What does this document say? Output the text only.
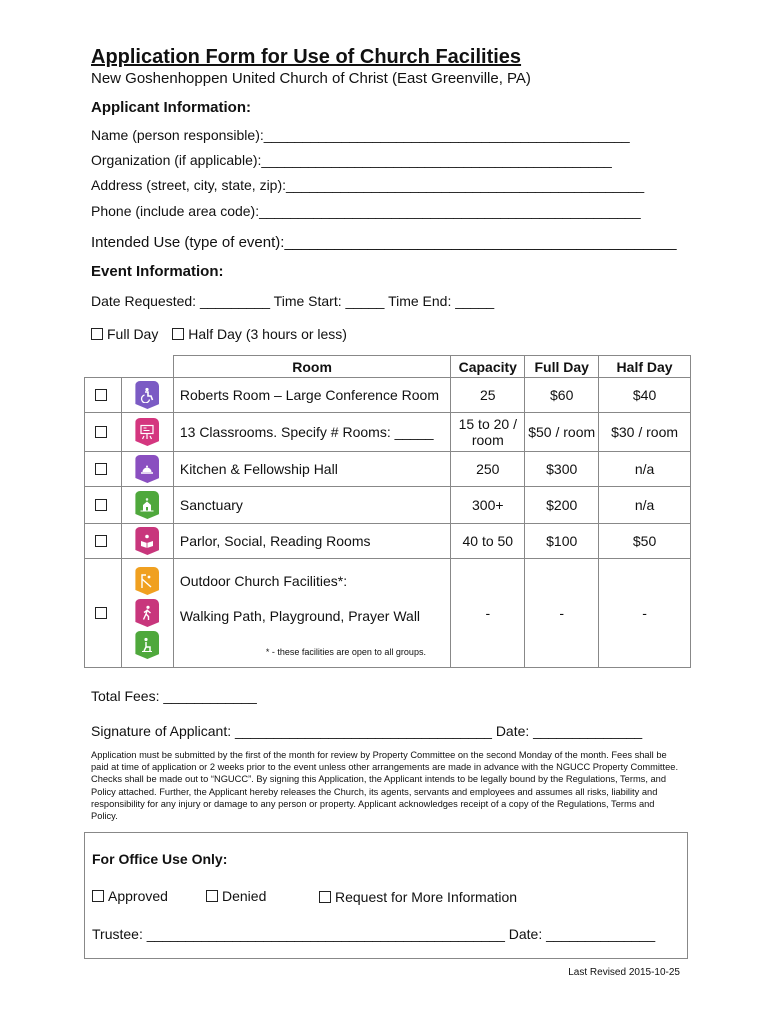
Application Form for Use of Church Facilities
New Goshenhoppen United Church of Christ (East Greenville, PA)
Applicant Information:
Name (person responsible):_______________________________________________
Organization (if applicable):_____________________________________________
Address (street, city, state, zip):______________________________________________
Phone (include area code):_________________________________________________
Intended Use (type of event):_______________________________________________
Event Information:
Date Requested: _________ Time Start: _____ Time End: _____
Full Day Half Day (3 hours or less)
		Room	Capacity	Full Day	Half Day

	Roberts Room – Large Conference Room	25	$60	$40

	13 Classrooms. Specify # Rooms: _____	15 to 20 / room	$50 / room	$30 / room

	Kitchen & Fellowship Hall	250	$300	n/a

	Sanctuary	300+	$200	n/a

	Parlor, Social, Reading Rooms	40 to 50	$100	$50

Outdoor Church Facilities*:
Walking Path, Playground, Prayer Wall
* - these facilities are open to all groups.	-	-	-
Total Fees: ____________
Signature of Applicant: _________________________________ Date: ______________
Application must be submitted by the first of the month for review by Property Committee on the second Monday of the month. Fees shall be paid at time of application or 2 weeks prior to the event unless other arrangements are made in advance with the NGUCC Property Committee. Checks shall be made out to “NGUCC”. By signing this Application, the Applicant intends to be legally bound by the Regulations, Terms, and Policy attached. Further, the Applicant hereby releases the Church, its agents, servants and employees and assumes all risks, liability and responsibility for any injury or damage to any person or property. Applicant acknowledges receipt of a copy of the Regulations, Terms and Policy.
For Office Use Only:
Approved	Denied	Request for More Information
Trustee: ______________________________________________ Date: ______________
Last Revised 2015-10-25
